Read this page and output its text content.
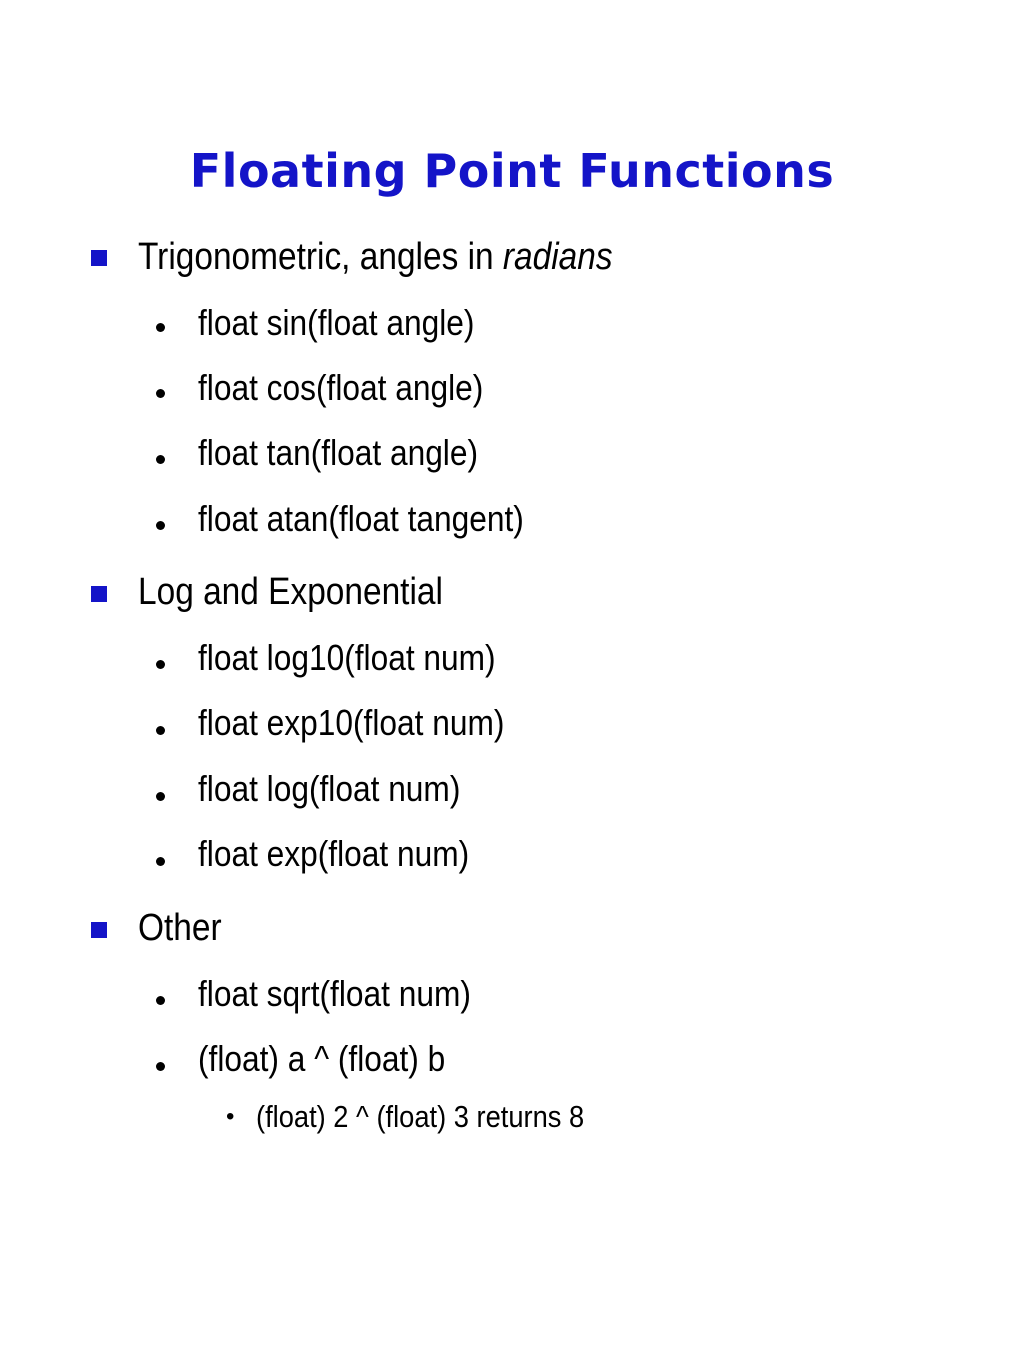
Floating Point Functions
Trigonometric, angles in radians
float sin(float angle)
float cos(float angle)
float tan(float angle)
float atan(float tangent)
Log and Exponential
float log10(float num)
float exp10(float num)
float log(float num)
float exp(float num)
Other
float sqrt(float num)
(float) a ^ (float) b
• (float) 2 ^ (float) 3 returns 8
